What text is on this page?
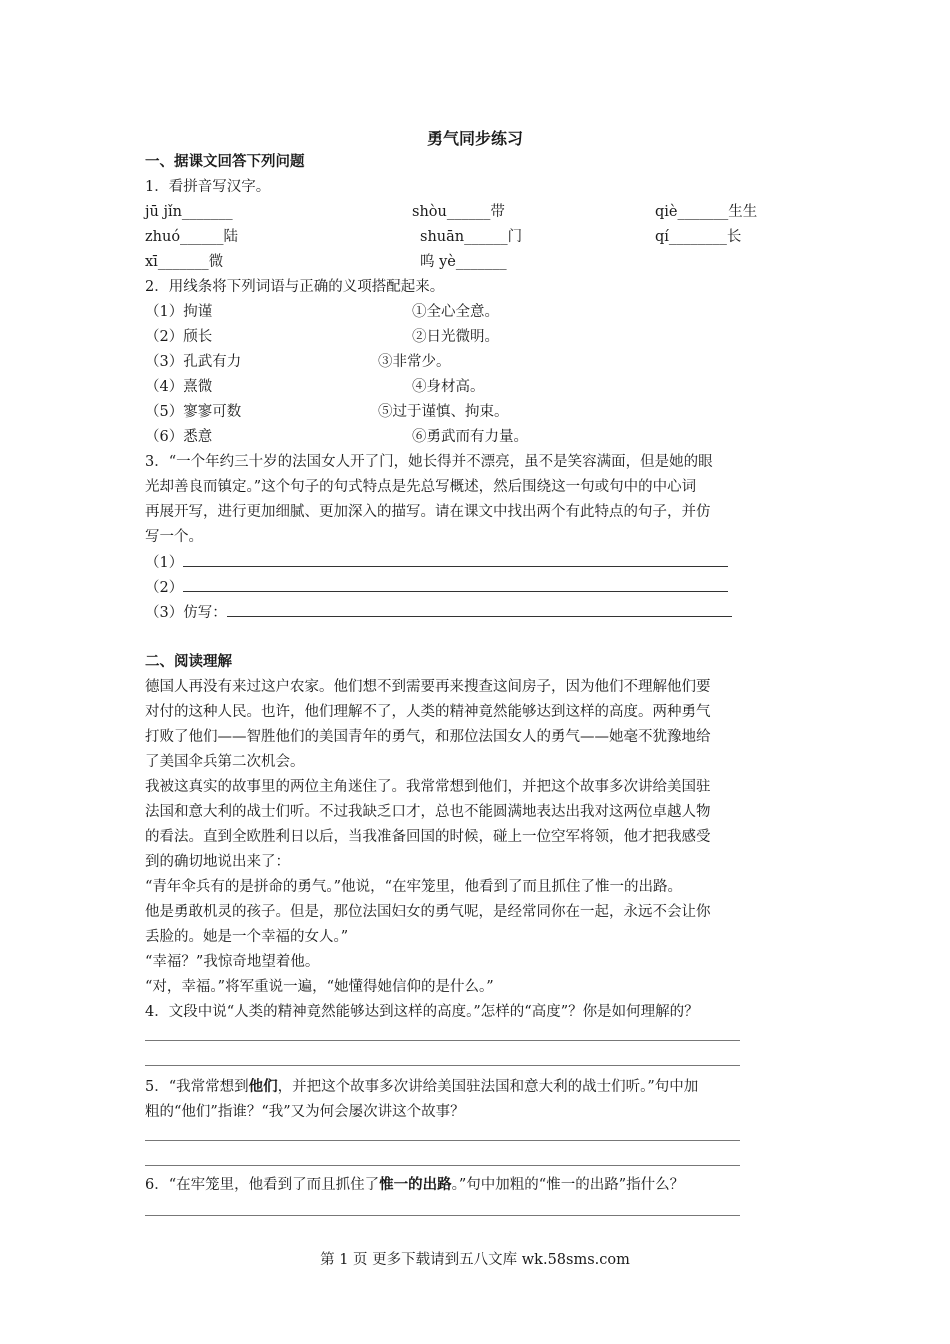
勇气同步练习
一、据课文回答下列问题
1．看拼音写汉字。
jū jǐn_______	shòu______带	qiè_______生生
zhuó______陆	shuān______门	qí________长
xī_______微	呜 yè_______
2．用线条将下列词语与正确的义项搭配起来。
（1）拘谨	①全心全意。
（2）颀长	②日光微明。
（3）孔武有力	③非常少。
（4）熹微	④身材高。
（5）寥寥可数	⑤过于谨慎、拘束。
（6）悉意	⑥勇武而有力量。
3．“一个年约三十岁的法国女人开了门，她长得并不漂亮，虽不是笑容满面，但是她的眼
光却善良而镇定。”这个句子的句式特点是先总写概述，然后围绕这一句或句中的中心词
再展开写，进行更加细腻、更加深入的描写。请在课文中找出两个有此特点的句子，并仿
写一个。
（1）
（2）
（3）仿写：
二、阅读理解
德国人再没有来过这户农家。他们想不到需要再来搜查这间房子，因为他们不理解他们要
对付的这种人民。也许，他们理解不了，人类的精神竟然能够达到这样的高度。两种勇气
打败了他们——智胜他们的美国青年的勇气，和那位法国女人的勇气——她毫不犹豫地给
了美国伞兵第二次机会。
我被这真实的故事里的两位主角迷住了。我常常想到他们，并把这个故事多次讲给美国驻
法国和意大利的战士们听。不过我缺乏口才，总也不能圆满地表达出我对这两位卓越人物
的看法。直到全欧胜利日以后，当我准备回国的时候，碰上一位空军将领，他才把我感受
到的确切地说出来了：
“青年伞兵有的是拼命的勇气。”他说，“在牢笼里，他看到了而且抓住了惟一的出路。
他是勇敢机灵的孩子。但是，那位法国妇女的勇气呢，是经常同你在一起，永远不会让你
丢脸的。她是一个幸福的女人。”
“幸福？”我惊奇地望着他。
“对，幸福。”将军重说一遍，“她懂得她信仰的是什么。”
4．文段中说“人类的精神竟然能够达到这样的高度。”怎样的“高度”？你是如何理解的？
5．“我常常想到他们，并把这个故事多次讲给美国驻法国和意大利的战士们听。”句中加
粗的“他们”指谁？“我”又为何会屡次讲这个故事？
6．“在牢笼里，他看到了而且抓住了惟一的出路。”句中加粗的“惟一的出路”指什么？
第 1 页 更多下载请到五八文库 wk.58sms.com
